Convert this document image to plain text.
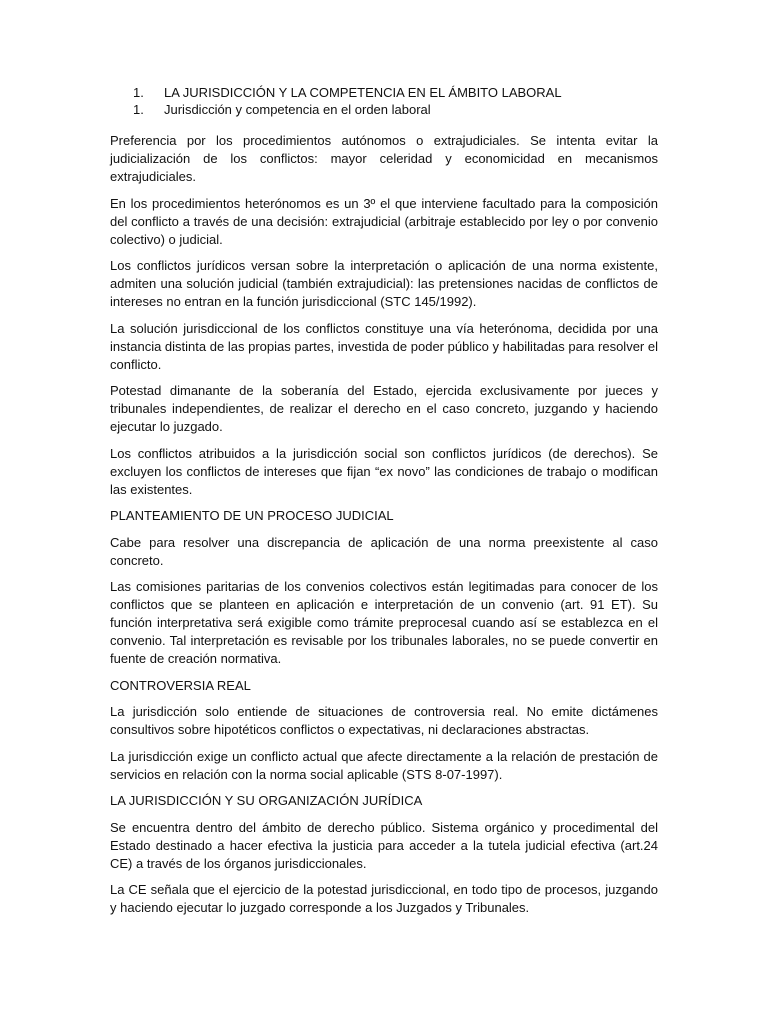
1.	LA JURISDICCIÓN Y LA COMPETENCIA EN EL ÁMBITO LABORAL
1.	Jurisdicción y competencia en el orden laboral

Preferencia por los procedimientos autónomos o extrajudiciales. Se intenta evitar la judicialización de los conflictos: mayor celeridad y economicidad en mecanismos extrajudiciales.

En los procedimientos heterónomos es un 3º el que interviene facultado para la composición del conflicto a través de una decisión: extrajudicial (arbitraje establecido por ley o por convenio colectivo) o judicial.

Los conflictos jurídicos versan sobre la interpretación o aplicación de una norma existente, admiten una solución judicial (también extrajudicial): las pretensiones nacidas de conflictos de intereses no entran en la función jurisdiccional (STC 145/1992).

La solución jurisdiccional de los conflictos constituye una vía heterónoma, decidida por una instancia distinta de las propias partes, investida de poder público y habilitadas para resolver el conflicto.

Potestad dimanante de la soberanía del Estado, ejercida exclusivamente por jueces y tribunales independientes, de realizar el derecho en el caso concreto, juzgando y haciendo ejecutar lo juzgado.

Los conflictos atribuidos a la jurisdicción social son conflictos jurídicos (de derechos). Se excluyen los conflictos de intereses que fijan “ex novo” las condiciones de trabajo o modifican las existentes.

PLANTEAMIENTO DE UN PROCESO JUDICIAL

Cabe para resolver una discrepancia de aplicación de una norma preexistente al caso concreto.

Las comisiones paritarias de los convenios colectivos están legitimadas para conocer de los conflictos que se planteen en aplicación e interpretación de un convenio (art. 91 ET). Su función interpretativa será exigible como trámite preprocesal cuando así se establezca en el convenio. Tal interpretación es revisable por los tribunales laborales, no se puede convertir en fuente de creación normativa.

CONTROVERSIA REAL

La jurisdicción solo entiende de situaciones de controversia real. No emite dictámenes consultivos sobre hipotéticos conflictos o expectativas, ni declaraciones abstractas.

La jurisdicción exige un conflicto actual que afecte directamente a la relación de prestación de servicios en relación con la norma social aplicable (STS 8-07-1997).

LA JURISDICCIÓN Y SU ORGANIZACIÓN JURÍDICA

Se encuentra dentro del ámbito de derecho público. Sistema orgánico y procedimental del Estado destinado a hacer efectiva la justicia para acceder a la tutela judicial efectiva (art.24 CE) a través de los órganos jurisdiccionales.

La CE señala que el ejercicio de la potestad jurisdiccional, en todo tipo de procesos, juzgando y haciendo ejecutar lo juzgado corresponde a los Juzgados y Tribunales.
